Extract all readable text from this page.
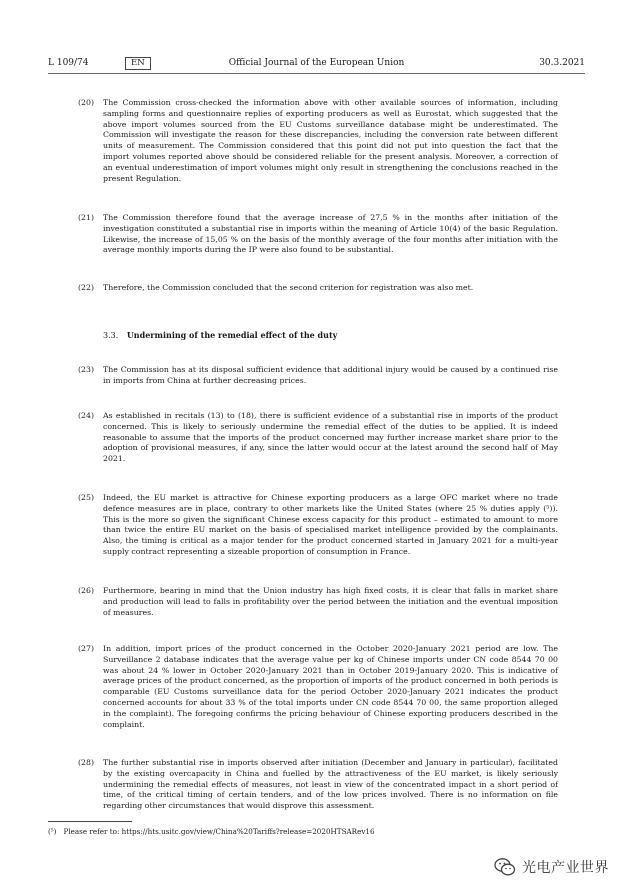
L 109/74	Official Journal of the European Union
EN	30.3.2021
(20) The Commission cross-checked the information above with other available sources of information, including sampling forms and questionnaire replies of exporting producers as well as Eurostat, which suggested that the above import volumes sourced from the EU Customs surveillance database might be underestimated. The Commission will investigate the reason for these discrepancies, including the conversion rate between different units of measurement. The Commission considered that this point did not put into question the fact that the import volumes reported above should be considered reliable for the present analysis. Moreover, a correction of an eventual underestimation of import volumes might only result in strengthening the conclusions reached in the present Regulation.
(21) The Commission therefore found that the average increase of 27,5 % in the months after initiation of the investigation constituted a substantial rise in imports within the meaning of Article 10(4) of the basic Regulation. Likewise, the increase of 15,05 % on the basis of the monthly average of the four months after initiation with the average monthly imports during the IP were also found to be substantial.
(22) Therefore, the Commission concluded that the second criterion for registration was also met.
3.3. Undermining of the remedial effect of the duty
(23) The Commission has at its disposal sufficient evidence that additional injury would be caused by a continued rise in imports from China at further decreasing prices.
(24) As established in recitals (13) to (18), there is sufficient evidence of a substantial rise in imports of the product concerned. This is likely to seriously undermine the remedial effect of the duties to be applied. It is indeed reasonable to assume that the imports of the product concerned may further increase market share prior to the adoption of provisional measures, if any, since the latter would occur at the latest around the second half of May 2021.
(25) Indeed, the EU market is attractive for Chinese exporting producers as a large OFC market where no trade defence measures are in place, contrary to other markets like the United States (where 25 % duties apply (⁵)). This is the more so given the significant Chinese excess capacity for this product – estimated to amount to more than twice the entire EU market on the basis of specialised market intelligence provided by the complainants. Also, the timing is critical as a major tender for the product concerned started in January 2021 for a multi-year supply contract representing a sizeable proportion of consumption in France.
(26) Furthermore, bearing in mind that the Union industry has high fixed costs, it is clear that falls in market share and production will lead to falls in profitability over the period between the initiation and the eventual imposition of measures.
(27) In addition, import prices of the product concerned in the October 2020-January 2021 period are low. The Surveillance 2 database indicates that the average value per kg of Chinese imports under CN code 8544 70 00 was about 24 % lower in October 2020-January 2021 than in October 2019-January 2020. This is indicative of average prices of the product concerned, as the proportion of imports of the product concerned in both periods is comparable (EU Customs surveillance data for the period October 2020-January 2021 indicates the product concerned accounts for about 33 % of the total imports under CN code 8544 70 00, the same proportion alleged in the complaint). The foregoing confirms the pricing behaviour of Chinese exporting producers described in the complaint.
(28) The further substantial rise in imports observed after initiation (December and January in particular), facilitated by the existing overcapacity in China and fuelled by the attractiveness of the EU market, is likely seriously undermining the remedial effects of measures, not least in view of the concentrated impact in a short period of time, of the critical timing of certain tenders, and of the low prices involved. There is no information on file regarding other circumstances that would disprove this assessment.
(⁵) Please refer to: https://hts.usitc.gov/view/China%20Tariffs?release=2020HTSARev16
光电产业世界
